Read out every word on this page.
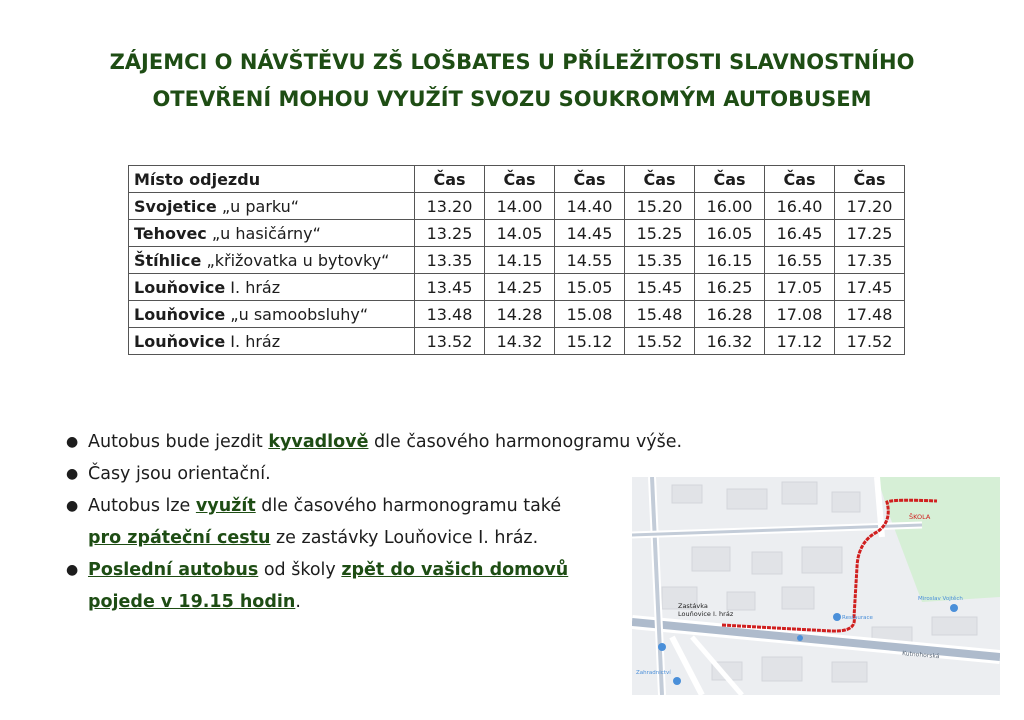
ZÁJEMCI O NÁVŠTĚVU ZŠ LOŠBATES U PŘÍLEŽITOSTI SLAVNOSTNÍHO
OTEVŘENÍ MOHOU VYUŽÍT SVOZU SOUKROMÝM AUTOBUSEM
Místo odjezdu	Čas	Čas	Čas	Čas	Čas	Čas	Čas
Svojetice „u parku“	13.20	14.00	14.40	15.20	16.00	16.40	17.20
Tehovec „u hasičárny“	13.25	14.05	14.45	15.25	16.05	16.45	17.25
Štíhlice „křižovatka u bytovky“	13.35	14.15	14.55	15.35	16.15	16.55	17.35
Louňovice I. hráz	13.45	14.25	15.05	15.45	16.25	17.05	17.45
Louňovice „u samoobsluhy“	13.48	14.28	15.08	15.48	16.28	17.08	17.48
Louňovice I. hráz	13.52	14.32	15.12	15.52	16.32	17.12	17.52
● Autobus bude jezdit kyvadlově dle časového harmonogramu výše.
● Časy jsou orientační.
● Autobus lze využít dle časového harmonogramu také
pro zpáteční cestu ze zastávky Louňovice I. hráz.
● Poslední autobus od školy zpět do vašich domovů
pojede v 19.15 hodin.
ŠKOLA
Zastávka
Louňovice I. hráz
Miroslav Vojtěch
Restaurace
Kutnohorská
Zahradnictví
